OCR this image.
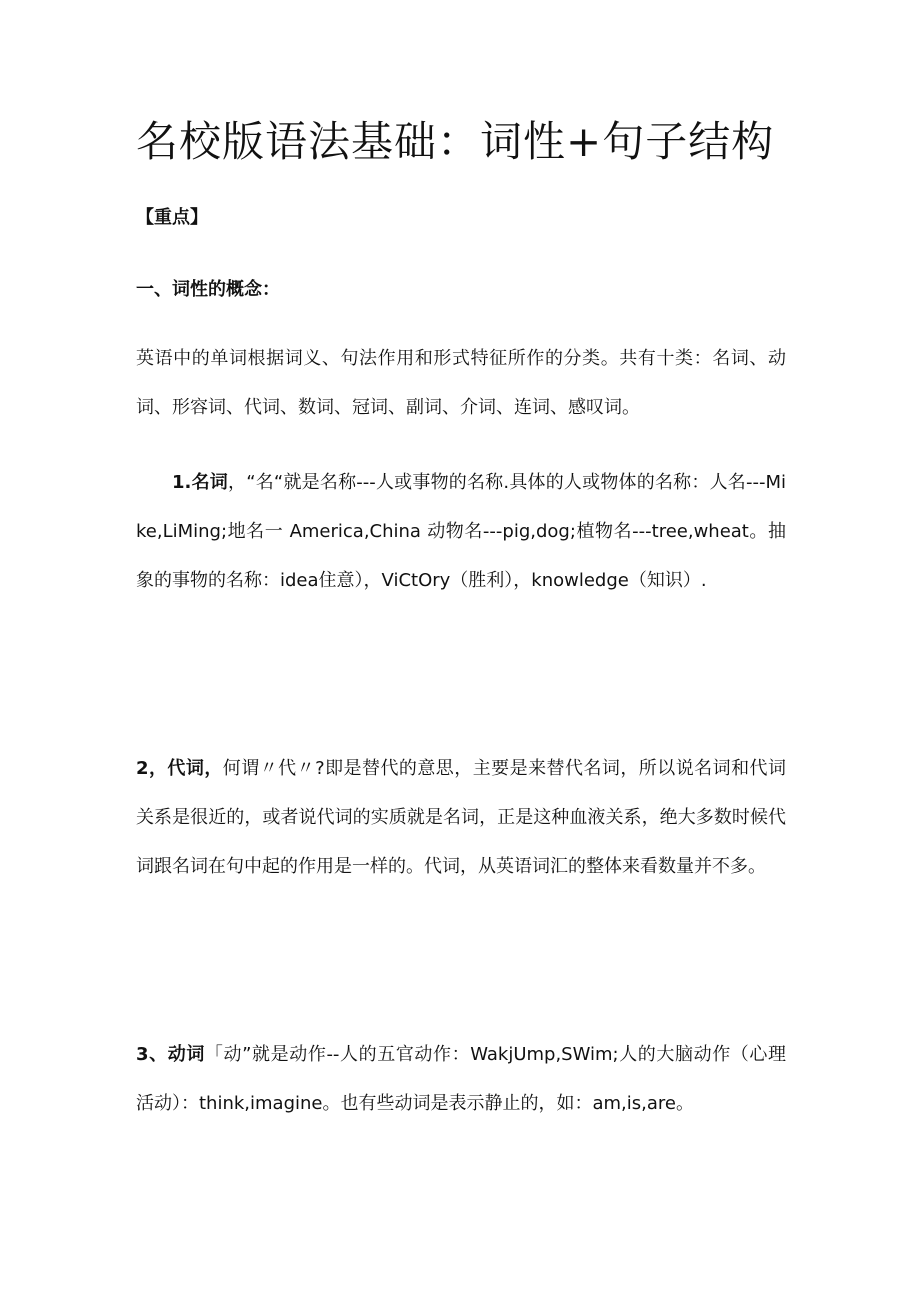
名校版语法基础：词性+句子结构

【重点】

一、词性的概念：

英语中的单词根据词义、句法作用和形式特征所作的分类。共有十类：名词、动词、形容词、代词、数词、冠词、副词、介词、连词、感叹词。

1.名词，“名“就是名称---人或事物的名称.具体的人或物体的名称：人名---Mike,LiMing;地名一 America,China 动物名---pig,dog;植物名---tree,wheat。抽象的事物的名称：idea住意），ViCtOry（胜利），knowledge（知识）.

2，代词，何谓〃代〃?即是替代的意思，主要是来替代名词，所以说名词和代词关系是很近的，或者说代词的实质就是名词，正是这种血液关系，绝大多数时候代词跟名词在句中起的作用是一样的。代词，从英语词汇的整体来看数量并不多。

3、动词「动”就是动作--人的五官动作：WakjUmp,SWim;人的大脑动作（心理活动）：think,imagine。也有些动词是表示静止的，如：am,is,are。
